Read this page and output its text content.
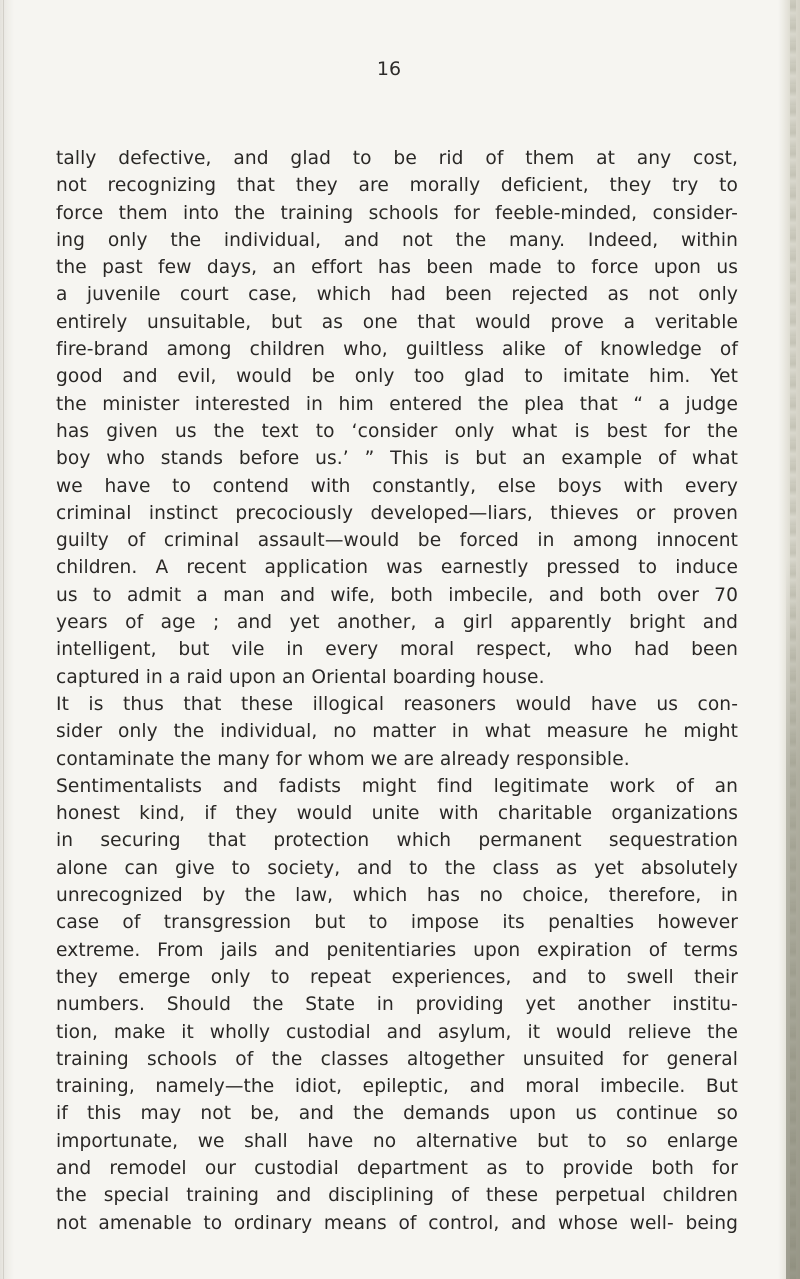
16
tally defective, and glad to be rid of them at any cost,
not recognizing that they are morally deficient, they try to
force them into the training schools for feeble-minded, consider-
ing only the individual, and not the many. Indeed, within
the past few days, an effort has been made to force upon us
a juvenile court case, which had been rejected as not only
entirely unsuitable, but as one that would prove a veritable
fire-brand among children who, guiltless alike of knowledge of
good and evil, would be only too glad to imitate him. Yet
the minister interested in him entered the plea that “ a judge
has given us the text to ‘consider only what is best for the
boy who stands before us.’ ” This is but an example of what
we have to contend with constantly, else boys with every
criminal instinct precociously developed—liars, thieves or proven
guilty of criminal assault—would be forced in among innocent
children. A recent application was earnestly pressed to induce
us to admit a man and wife, both imbecile, and both over 70
years of age ; and yet another, a girl apparently bright and
intelligent, but vile in every moral respect, who had been
captured in a raid upon an Oriental boarding house.
It is thus that these illogical reasoners would have us con-
sider only the individual, no matter in what measure he might
contaminate the many for whom we are already responsible.
Sentimentalists and fadists might find legitimate work of an
honest kind, if they would unite with charitable organizations
in securing that protection which permanent sequestration
alone can give to society, and to the class as yet absolutely
unrecognized by the law, which has no choice, therefore, in
case of transgression but to impose its penalties however
extreme. From jails and penitentiaries upon expiration of terms
they emerge only to repeat experiences, and to swell their
numbers. Should the State in providing yet another institu-
tion, make it wholly custodial and asylum, it would relieve the
training schools of the classes altogether unsuited for general
training, namely—the idiot, epileptic, and moral imbecile. But
if this may not be, and the demands upon us continue so
importunate, we shall have no alternative but to so enlarge
and remodel our custodial department as to provide both for
the special training and disciplining of these perpetual children
not amenable to ordinary means of control, and whose well- being
